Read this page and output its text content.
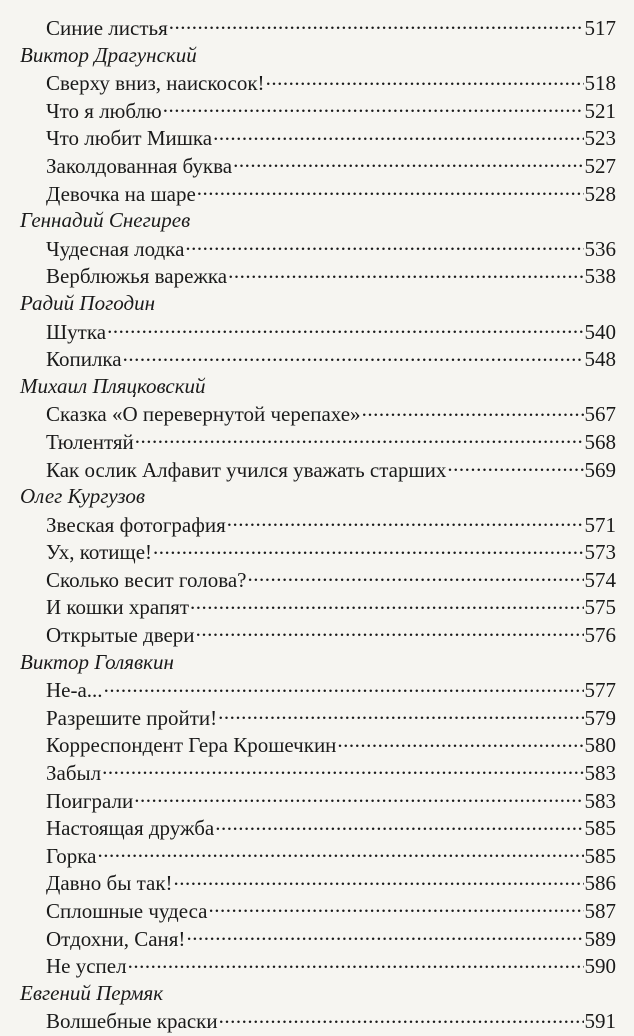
Синие листья .....	517
Виктор Драгунский
Сверху вниз, наискосок! .....	518
Что я люблю .....	521
Что любит Мишка .....	523
Заколдованная буква .....	527
Девочка на шаре .....	528
Геннадий Снегирев
Чудесная лодка .....	536
Верблюжья варежка .....	538
Радий Погодин
Шутка .....	540
Копилка .....	548
Михаил Пляцковский
Сказка «О перевернутой черепахе» .....	567
Тюлентяй .....	568
Как ослик Алфавит учился уважать старших .....	569
Олег Кургузов
Звеская фотография .....	571
Ух, котище! .....	573
Сколько весит голова? .....	574
И кошки храпят .....	575
Открытые двери .....	576
Виктор Голявкин
Не-а... .....	577
Разрешите пройти! .....	579
Корреспондент Гера Крошечкин .....	580
Забыл .....	583
Поиграли .....	583
Настоящая дружба .....	585
Горка .....	585
Давно бы так! .....	586
Сплошные чудеса .....	587
Отдохни, Саня! .....	589
Не успел .....	590
Евгений Пермяк
Волшебные краски .....	591
